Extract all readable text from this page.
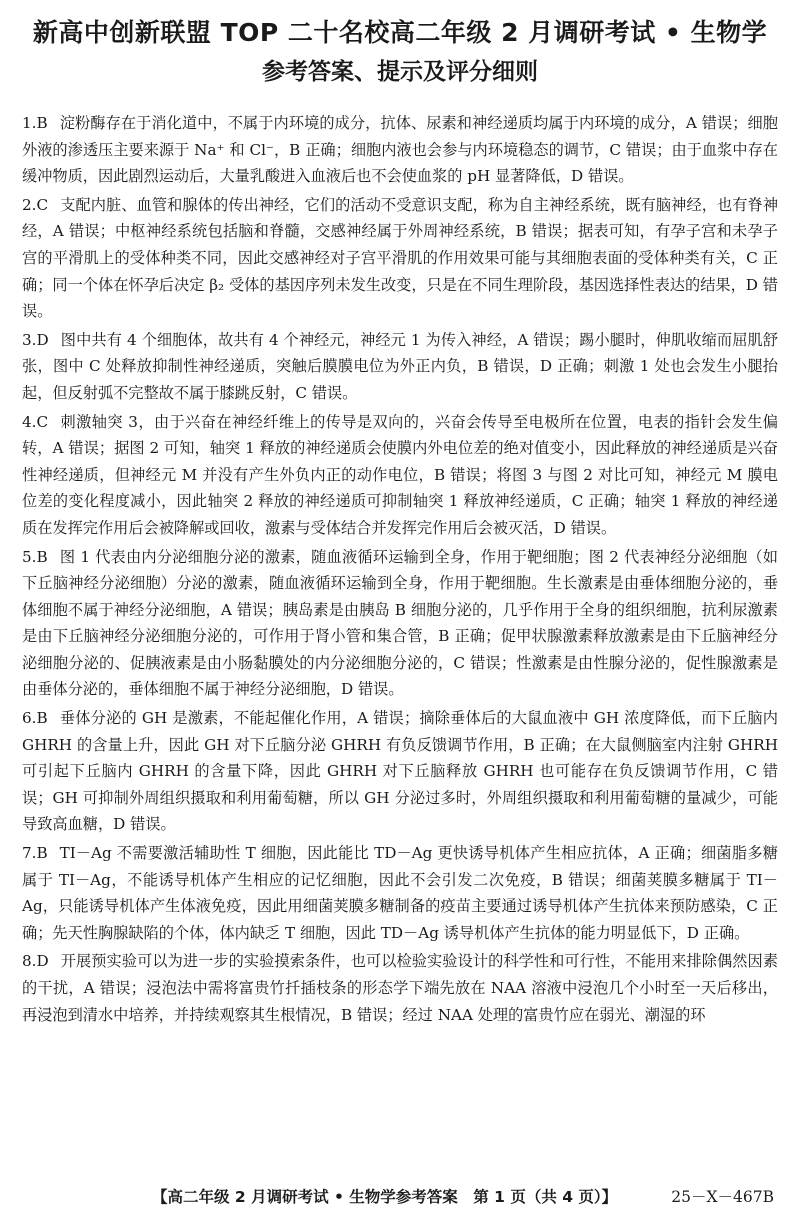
新高中创新联盟 TOP 二十名校高二年级 2 月调研考试 • 生物学
参考答案、提示及评分细则

1.B 淀粉酶存在于消化道中，不属于内环境的成分，抗体、尿素和神经递质均属于内环境的成分，A 错误；细胞外液的渗透压主要来源于 Na⁺ 和 Cl⁻，B 正确；细胞内液也会参与内环境稳态的调节，C 错误；由于血浆中存在缓冲物质，因此剧烈运动后，大量乳酸进入血液后也不会使血浆的 pH 显著降低，D 错误。

2.C 支配内脏、血管和腺体的传出神经，它们的活动不受意识支配，称为自主神经系统，既有脑神经，也有脊神经，A 错误；中枢神经系统包括脑和脊髓，交感神经属于外周神经系统，B 错误；据表可知，有孕子宫和未孕子宫的平滑肌上的受体种类不同，因此交感神经对子宫平滑肌的作用效果可能与其细胞表面的受体种类有关，C 正确；同一个体在怀孕后决定 β₂ 受体的基因序列未发生改变，只是在不同生理阶段，基因选择性表达的结果，D 错误。

3.D 图中共有 4 个细胞体，故共有 4 个神经元，神经元 1 为传入神经，A 错误；踢小腿时，伸肌收缩而屈肌舒张，图中 C 处释放抑制性神经递质，突触后膜膜电位为外正内负，B 错误，D 正确；刺激 1 处也会发生小腿抬起，但反射弧不完整故不属于膝跳反射，C 错误。

4.C 刺激轴突 3，由于兴奋在神经纤维上的传导是双向的，兴奋会传导至电极所在位置，电表的指针会发生偏转，A 错误；据图 2 可知，轴突 1 释放的神经递质会使膜内外电位差的绝对值变小，因此释放的神经递质是兴奋性神经递质，但神经元 M 并没有产生外负内正的动作电位，B 错误；将图 3 与图 2 对比可知，神经元 M 膜电位差的变化程度减小，因此轴突 2 释放的神经递质可抑制轴突 1 释放神经递质，C 正确；轴突 1 释放的神经递质在发挥完作用后会被降解或回收，激素与受体结合并发挥完作用后会被灭活，D 错误。

5.B 图 1 代表由内分泌细胞分泌的激素，随血液循环运输到全身，作用于靶细胞；图 2 代表神经分泌细胞（如下丘脑神经分泌细胞）分泌的激素，随血液循环运输到全身，作用于靶细胞。生长激素是由垂体细胞分泌的，垂体细胞不属于神经分泌细胞，A 错误；胰岛素是由胰岛 B 细胞分泌的，几乎作用于全身的组织细胞，抗利尿激素是由下丘脑神经分泌细胞分泌的，可作用于肾小管和集合管，B 正确；促甲状腺激素释放激素是由下丘脑神经分泌细胞分泌的、促胰液素是由小肠黏膜处的内分泌细胞分泌的，C 错误；性激素是由性腺分泌的，促性腺激素是由垂体分泌的，垂体细胞不属于神经分泌细胞，D 错误。

6.B 垂体分泌的 GH 是激素，不能起催化作用，A 错误；摘除垂体后的大鼠血液中 GH 浓度降低，而下丘脑内 GHRH 的含量上升，因此 GH 对下丘脑分泌 GHRH 有负反馈调节作用，B 正确；在大鼠侧脑室内注射 GHRH 可引起下丘脑内 GHRH 的含量下降，因此 GHRH 对下丘脑释放 GHRH 也可能存在负反馈调节作用，C 错误；GH 可抑制外周组织摄取和利用葡萄糖，所以 GH 分泌过多时，外周组织摄取和利用葡萄糖的量减少，可能导致高血糖，D 错误。

7.B TI－Ag 不需要激活辅助性 T 细胞，因此能比 TD－Ag 更快诱导机体产生相应抗体，A 正确；细菌脂多糖属于 TI－Ag，不能诱导机体产生相应的记忆细胞，因此不会引发二次免疫，B 错误；细菌荚膜多糖属于 TI－Ag，只能诱导机体产生体液免疫，因此用细菌荚膜多糖制备的疫苗主要通过诱导机体产生抗体来预防感染，C 正确；先天性胸腺缺陷的个体，体内缺乏 T 细胞，因此 TD－Ag 诱导机体产生抗体的能力明显低下，D 正确。

8.D 开展预实验可以为进一步的实验摸索条件，也可以检验实验设计的科学性和可行性，不能用来排除偶然因素的干扰，A 错误；浸泡法中需将富贵竹扦插枝条的形态学下端先放在 NAA 溶液中浸泡几个小时至一天后移出，再浸泡到清水中培养，并持续观察其生根情况，B 错误；经过 NAA 处理的富贵竹应在弱光、潮湿的环

【高二年级 2 月调研考试 • 生物学参考答案　第 1 页（共 4 页）】	25－X－467B
